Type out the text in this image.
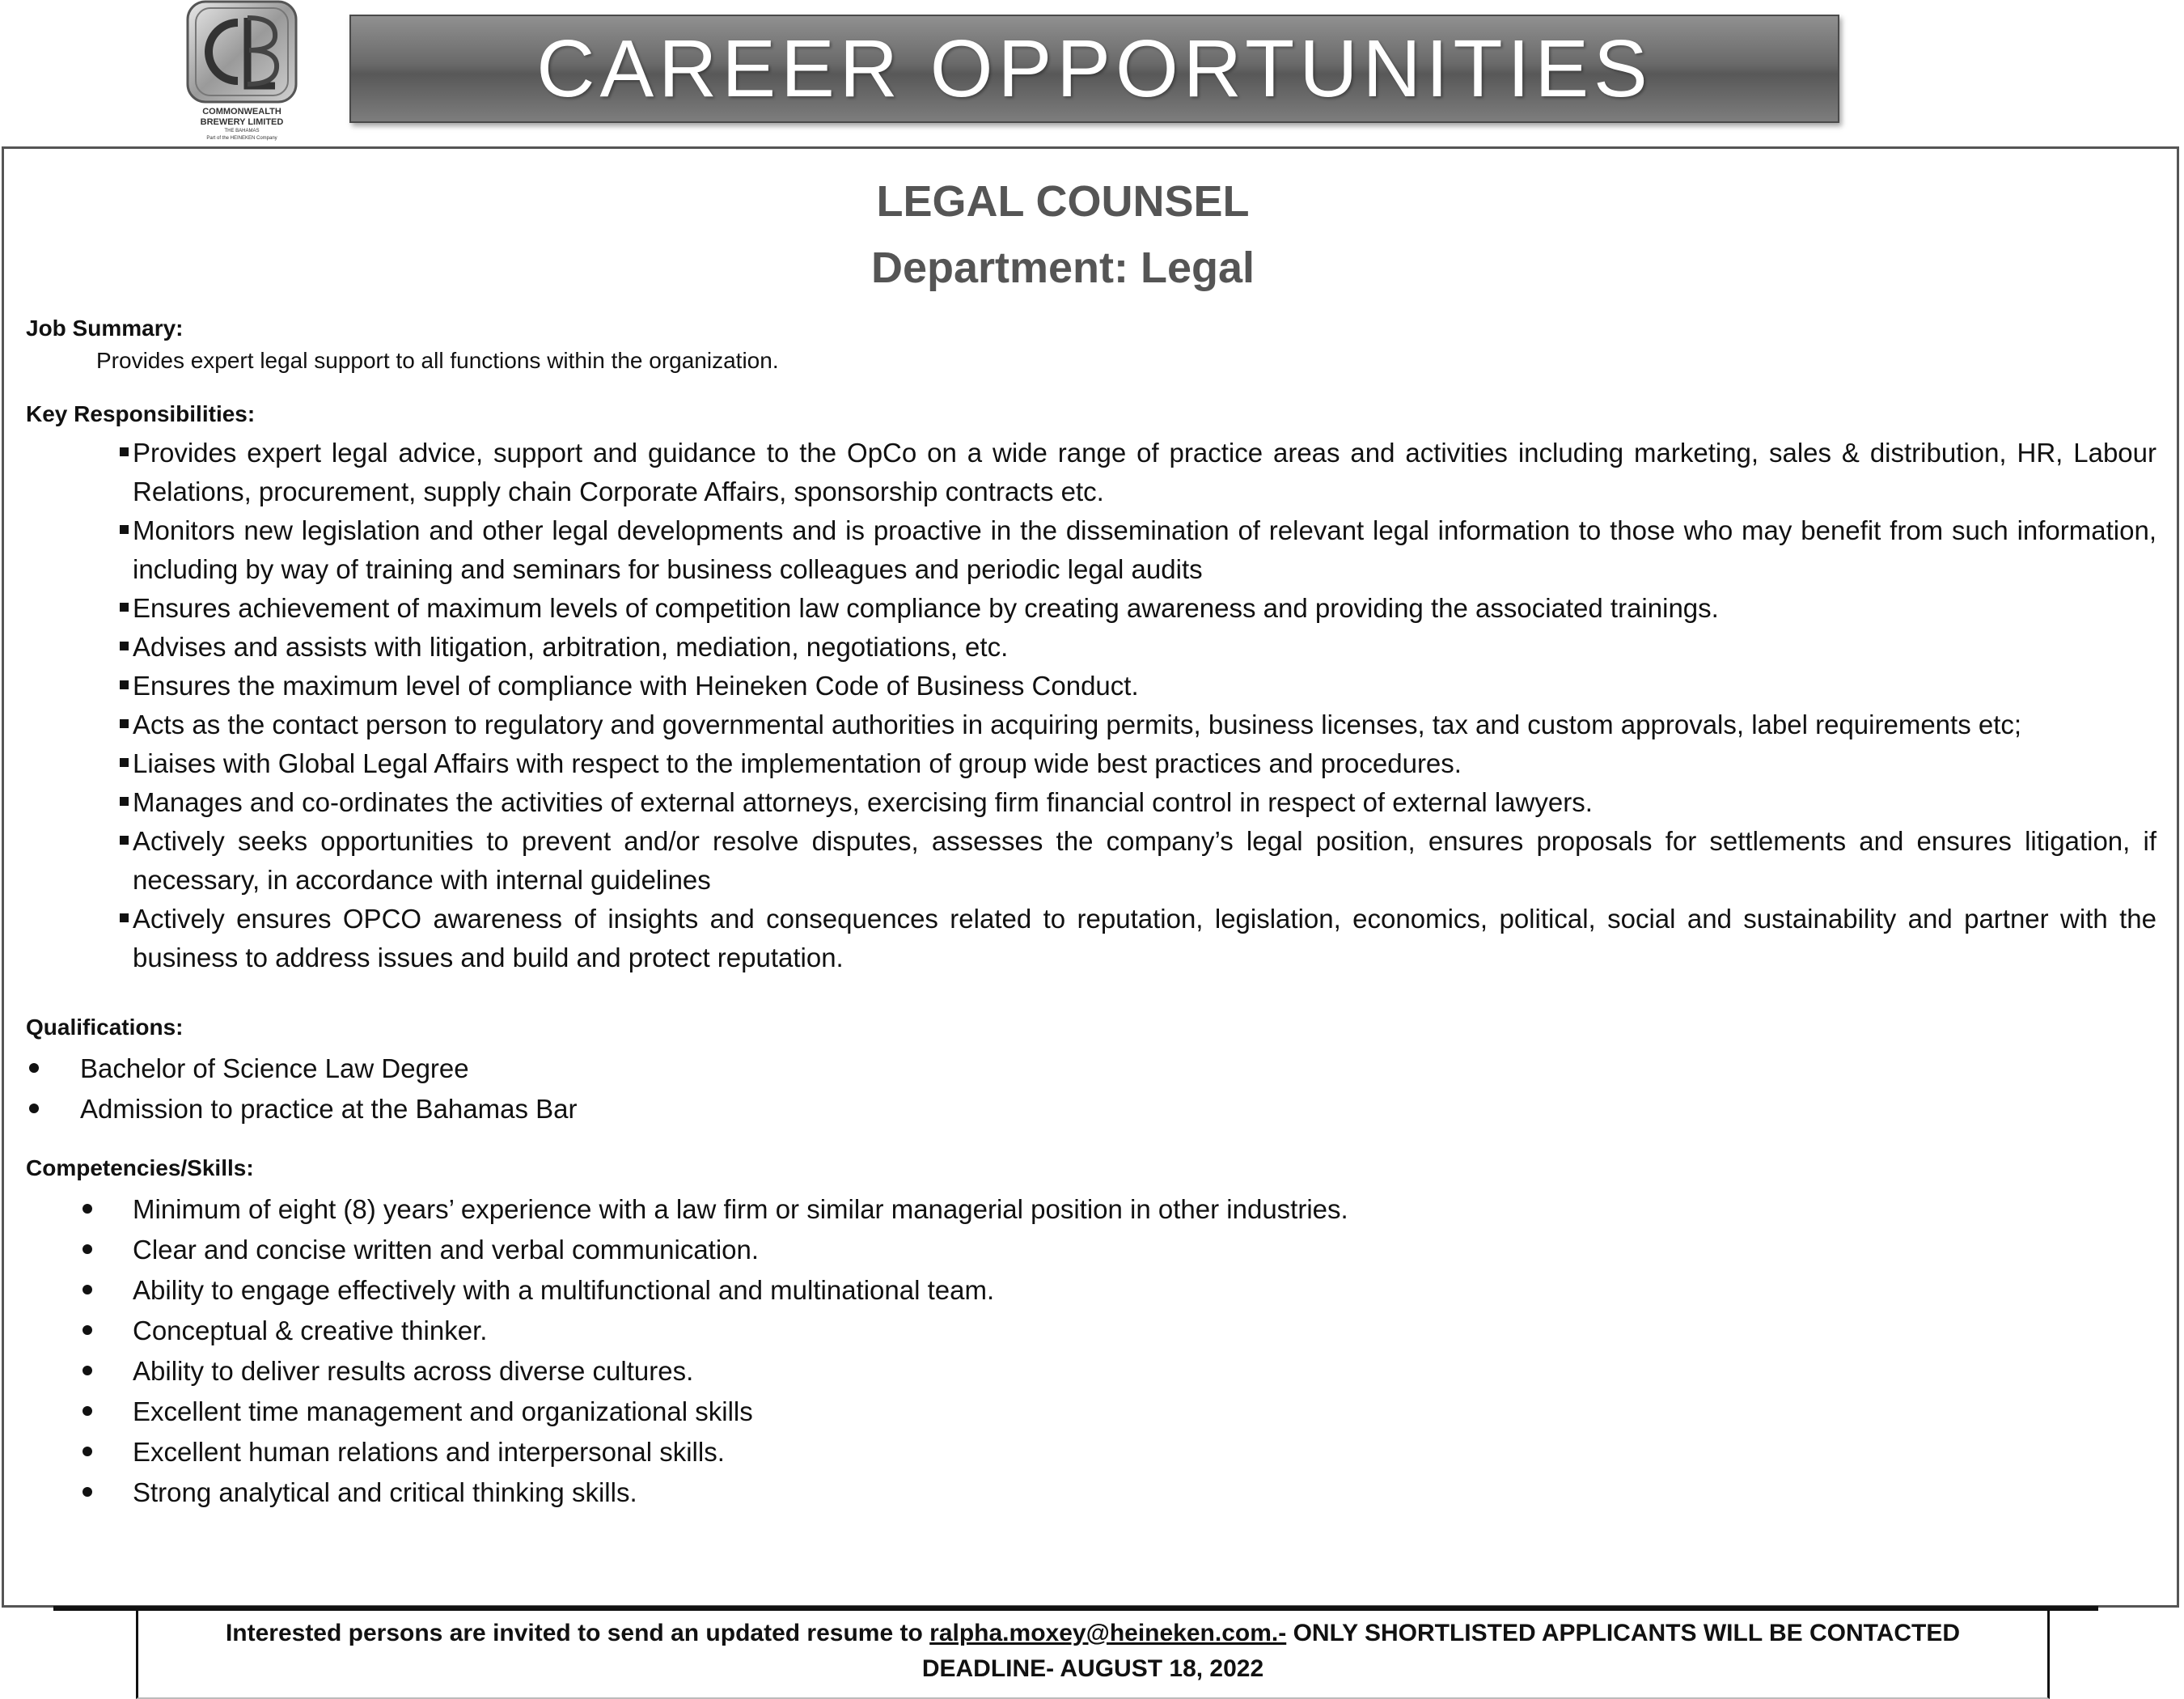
COMMONWEALTH
BREWERY LIMITED
THE BAHAMAS
Part of the HEINEKEN Company
CAREER OPPORTUNITIES
LEGAL COUNSEL
Department: Legal

Job Summary:

Provides expert legal support to all functions within the organization.

Key Responsibilities:

Provides expert legal advice, support and guidance to the OpCo on a wide range of practice areas and activities including marketing, sales & distribution, HR, Labour Relations, procurement, supply chain Corporate Affairs, sponsorship contracts etc.
Monitors new legislation and other legal developments and is proactive in the dissemination of relevant legal information to those who may benefit from such information, including by way of training and seminars for business colleagues and periodic legal audits
Ensures achievement of maximum levels of competition law compliance by creating awareness and providing the associated trainings.
Advises and assists with litigation, arbitration, mediation, negotiations, etc.
Ensures the maximum level of compliance with Heineken Code of Business Conduct.
Acts as the contact person to regulatory and governmental authorities in acquiring permits, business licenses, tax and custom approvals, label requirements etc;
Liaises with Global Legal Affairs with respect to the implementation of group wide best practices and procedures.
Manages and co-ordinates the activities of external attorneys, exercising firm financial control in respect of external lawyers.
Actively seeks opportunities to prevent and/or resolve disputes, assesses the company’s legal position, ensures proposals for settlements and ensures litigation, if necessary, in accordance with internal guidelines
Actively ensures OPCO awareness of insights and consequences related to reputation, legislation, economics, political, social and sustainability and partner with the business to address issues and build and protect reputation.

Qualifications:

Bachelor of Science Law Degree
Admission to practice at the Bahamas Bar

Competencies/Skills:

Minimum of eight (8) years’ experience with a law firm or similar managerial position in other industries.
Clear and concise written and verbal communication.
Ability to engage effectively with a multifunctional and multinational team.
Conceptual & creative thinker.
Ability to deliver results across diverse cultures.
Excellent time management and organizational skills
Excellent human relations and interpersonal skills.
Strong analytical and critical thinking skills.
Interested persons are invited to send an updated resume to ralpha.moxey@heineken.com.- ONLY SHORTLISTED APPLICANTS WILL BE CONTACTED
DEADLINE- AUGUST 18, 2022
